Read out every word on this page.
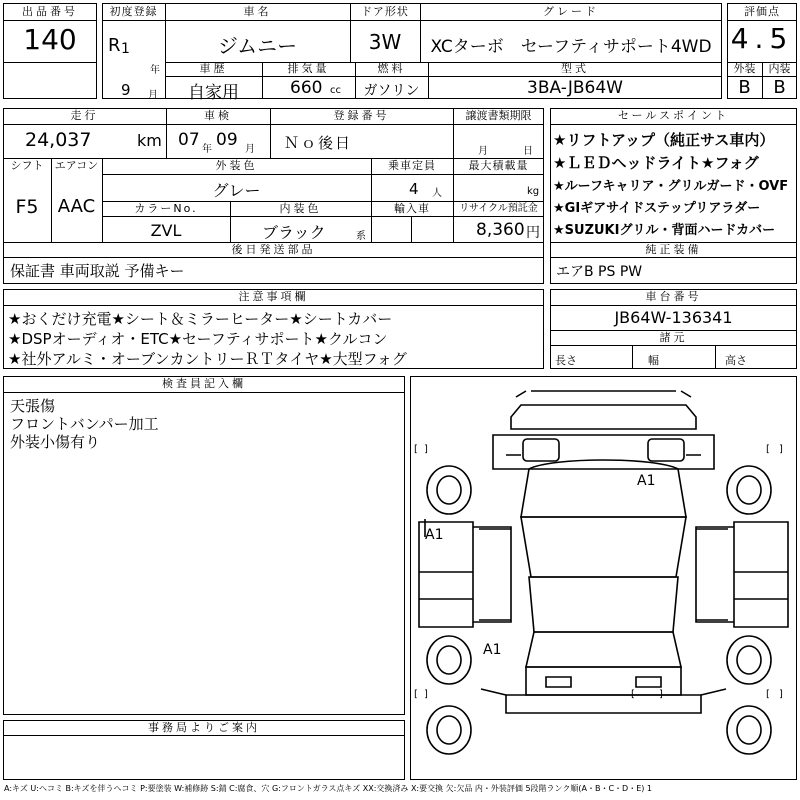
出品番号
140
初度登録
R 1
年
9 月
車名
ジムニー
ドア形状
3W
グレード
XCターボ　セーフティサポート4WD
車歴
自家用
排気量
660 cc
燃料
ガソリン
型式
3BA-JB64W
評価点
4.5
外装	内装
B	B
走行
24,037	km
車検
07 年 09 月
登録番号
Ｎｏ後日
譲渡書類期限
月	日
シフト
F5
エアコン
AAC
外装色
グレー
乗車定員
4 人
最大積載量
kg
カラーNo.
ZVL
内装色
ブラック	系
輸入車	リサイクル預託金
8,360 円
後日発送部品
保証書 車両取説 予備キー
セールスポイント
★リフトアップ（純正サス車内）
★ＬＥＤヘッドライト★フォグ
★ルーフキャリア・グリルガード・OVF
★GIギアサイドステップリアラダー
★SUZUKIグリル・背面ハードカバー
純正装備
エアB PS PW
注意事項欄
★おくだけ充電★シート＆ミラーヒーター★シートカバー
★DSPオーディオ・ETC★セーフティサポート★クルコン
★社外アルミ・オーブンカントリーＲＴタイヤ★大型フォグ
車台番号
JB64W-136341
諸元
長さ	幅	高さ
検査員記入欄
天張傷
フロントバンパー加工
外装小傷有り
事務局よりご案内
[ ]	[ ]
[ ]	[ ]
[ ]
A1
A1
A1
A:キズ U:ヘコミ B:キズを伴うヘコミ P:要塗装 W:補修跡 S:錆 C:腐食、穴 G:フロントガラス点キズ XX:交換済み X:要交換 欠:欠品 内・外装評価 5段階ランク順(A・B・C・D・E) 1
